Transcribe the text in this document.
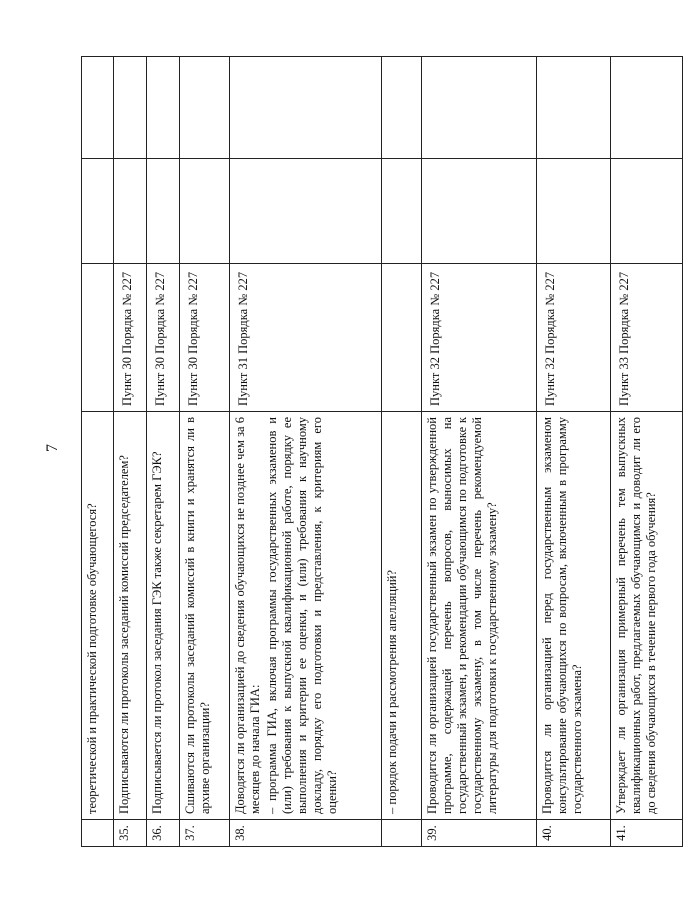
7
	теоретической и практической подготовке обучающегося?			
35.	Подписываются ли протоколы заседаний комиссий председателем?	Пункт 30 Порядка № 227		
36.	Подписывается ли протокол заседания ГЭК также секретарем ГЭК?	Пункт 30 Порядка № 227		
37.	Сшиваются ли протоколы заседаний комиссий в книги и хранятся ли в архиве организации?	Пункт 30 Порядка № 227		
38.	Доводятся ли организацией до сведения обучающихся не позднее чем за 6 месяцев до начала ГИА: – программа ГИА, включая программы государственных экзаменов и (или) требования к выпускной квалификационной работе, порядку ее выполнения и критерии ее оценки, и (или) требования к научному докладу, порядку его подготовки и представления, к критериям его оценки?	Пункт 31 Порядка № 227		
	– порядок подачи и рассмотрения апелляций?			
39.	Проводится ли организацией государственный экзамен по утвержденной программе, содержащей перечень вопросов, выносимых на государственный экзамен, и рекомендации обучающимся по подготовке к государственному экзамену, в том числе перечень рекомендуемой литературы для подготовки к государственному экзамену?	Пункт 32 Порядка № 227		
40.	Проводится ли организацией перед государственным экзаменом консультирование обучающихся по вопросам, включенным в программу государственного экзамена?	Пункт 32 Порядка № 227		
41.	Утверждает ли организация примерный перечень тем выпускных квалификационных работ, предлагаемых обучающимся и доводит ли его до сведения обучающихся в течение первого года обучения?	Пункт 33 Порядка № 227		
